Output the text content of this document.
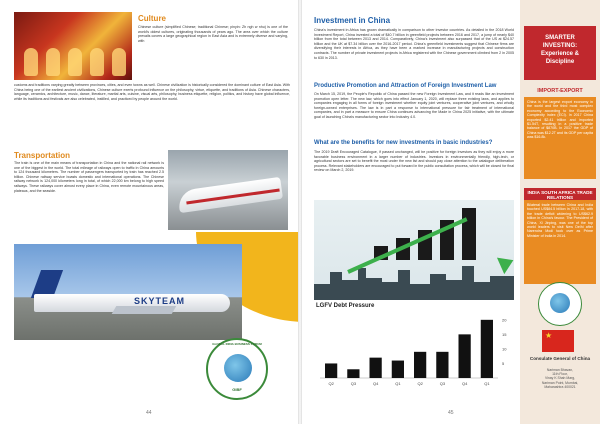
Culture
Chinese culture (simplified Chinese; traditional Chinese; pinyin: Zh ngh w nhu) is one of the world's oldest cultures, originating thousands of years ago. The area over which the culture prevails covers a large geographical region in East Asia and is extremely diverse and varying, with
customs and traditions varying greatly between provinces, cities, and even towns as well. Chinese civilization is historically considered the dominant culture of East Asia. With China being one of the earliest ancient civilizations, Chinese culture exerts profound influence on the philosophy, virtue, etiquette, and traditions of Asia. Chinese characters, language, ceramics, architecture, music, dance, literature, martial arts, cuisine, visual arts, philosophy, business etiquette, religion, politics, and history have global influence, while its traditions and festivals are also celebrated, instilled, and practiced by people around the world.
Transportation
The train is one of the main means of transportation in China and the national rail network is one of the biggest in the world. The total mileage of railways open to traffic in China amounts to 124 thousand kilometers. The number of passengers transported by train has reached 2.5 billion. Chinese railway service boasts domestic and international operations. The Chinese railway network is 124,000 kilometers long in total, of which 22,000 km belong to high speed railways. These railways cover almost every place in China, even remote mountainous areas, plateaus, and the seaside.
SKYTEAM
GLOBAL INDIA BUSINESS FORUM
GIBF
44
Investment in China
China's investment in Africa has grown dramatically in comparison to other investor countries. As detailed in the 2018 World Investment Report, China invested a total of $40.7 billion in greenfield projects between 2016 and 2017, a jump of nearly $40 billion from the total between 2013 and 2014. Comparatively, China's investment also surpassed that of the US at $24.57 billion and the UK at $7.34 billion over the 2016-2017 period. China's greenfield investments suggest that Chinese firms are diversifying their interests in Africa, as they have been a marked increase in manufacturing projects and construction contracts. The number of private investment projects in Africa registered with the Chinese government climbed from 2 in 2005 to 630 in 2013.
Productive Promotion and Attraction of Foreign Investment Law
On March 15, 2019, the People's Republic of China passed the new Foreign Investment Law, and it reads like an investment promotion open letter. The new law, which goes into effect January 1, 2020, will replace three existing laws, and applies to companies engaging in all forms of foreign investment whether equity joint ventures, cooperative joint ventures, and wholly foreign-owned enterprises. The law is in part a response to international pressure for fair treatment of international companies, and in part a measure to ensure China continues advancing the Made in China 2025 initiative, with the ultimate goal of launching China's manufacturing sector into Industry 4.0.
What are the benefits for new investments in basic industries?
The 2019 Draft Encouraged Catalogue, if passed unchanged, will be positive for foreign investors as they will enjoy a more favorable business environment in a larger number of industries. Investors in environmentally friendly, high-tech, or agricultural sectors are set to benefit the most under the new list and should pay close attention to the catalogue deliberation process. Relevant stakeholders are encouraged to put forward in the public consultation process, which will be closed for final review on March 2, 2019.
LGFV Debt Pressure
Q2	Q3	Q4	Q1	Q2	Q3	Q4	Q1
5
10
15
20
SMARTER
INVESTING:
Experience &
Discipline
IMPORT-EXPORT
China is the largest export economy in the world and the third most complex economy according to the Economic Complexity Index (ECI). In 2017 China exported $2.41 trillion and imported $1.54T, resulting in a positive trade balance of $870B. In 2017 the GDP of China was $12.2T and its GDP per capita was $16.8k.
INDIA SOUTH AFRICA TRADE RELATIONS
Bilateral trade between China and India touched US$84.5 billion in 2017-18, with the trade deficit widening to US$62.9 billion in China's favour. The President of China, Xi Jinping, was one of the top world leaders to visit New Delhi after Narendra Modi took over as Prime Minister of India in 2014.
★
Consulate General of China
Nariman Bhavan,
11th Floor,
Vinay K Shah Marg,
Nariman Point, Mumbai,
Maharashtra 400021
45
